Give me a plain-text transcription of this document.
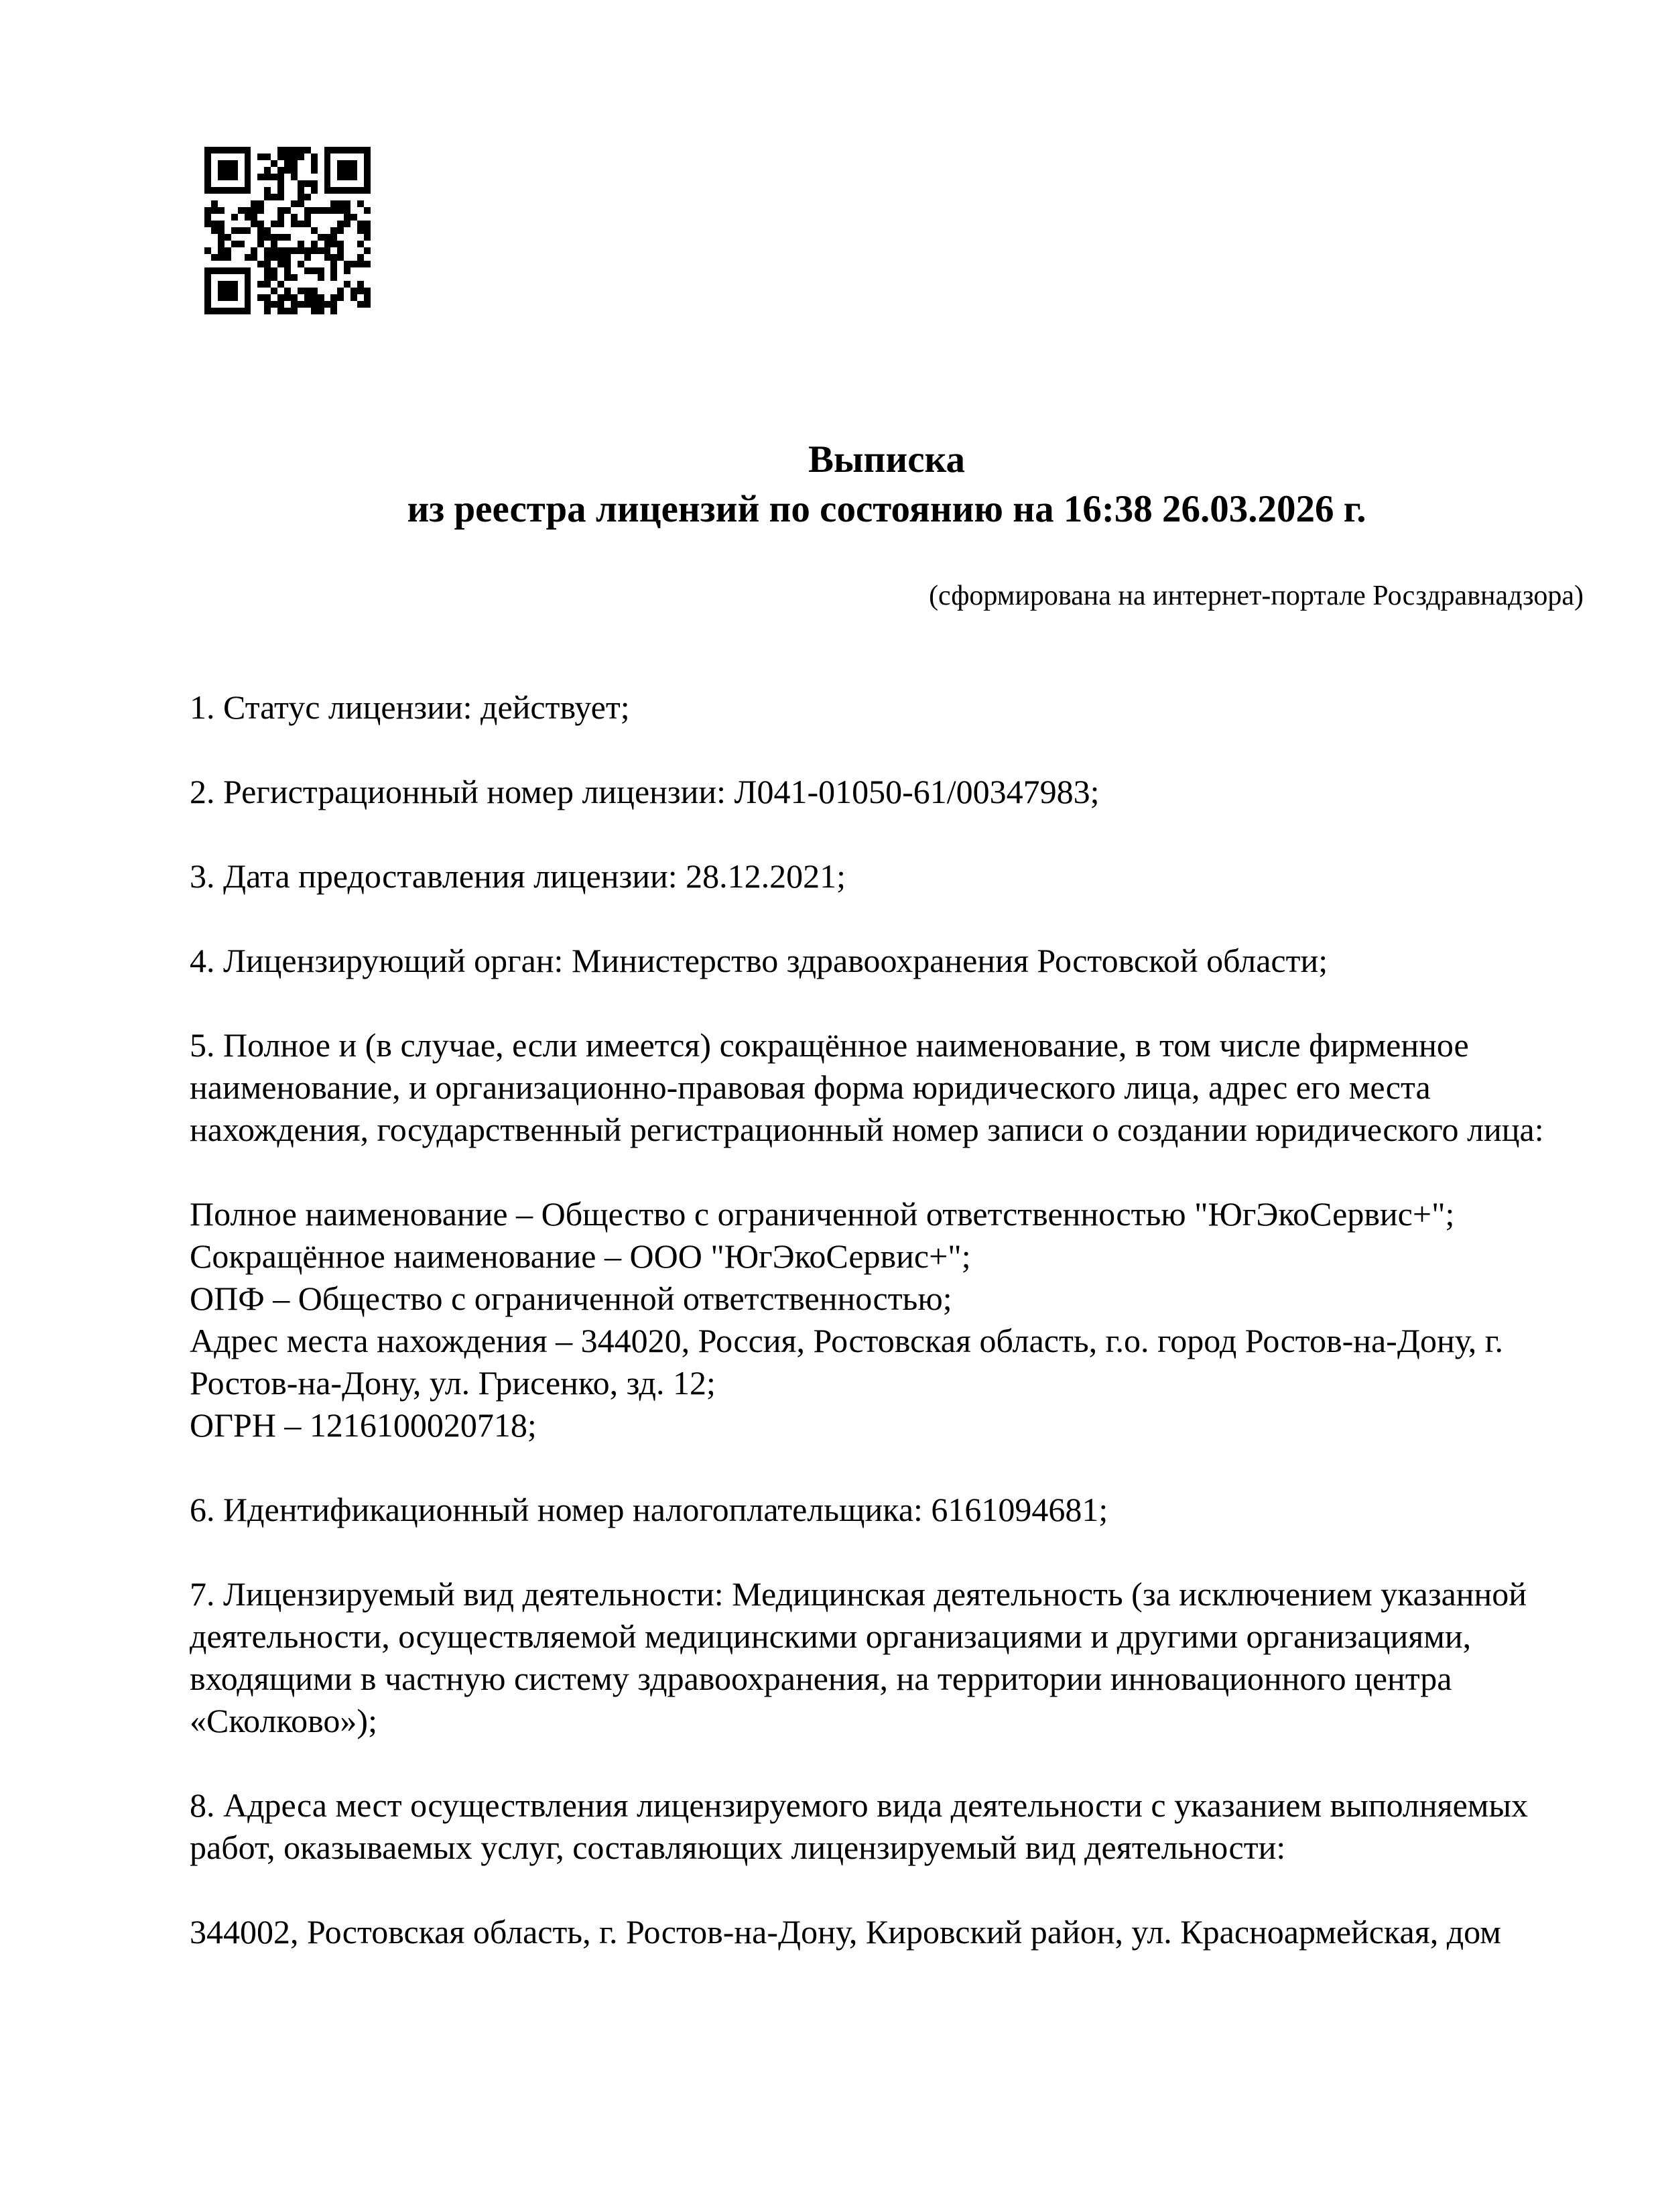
Выписка
из реестра лицензий по состоянию на 16:38 26.03.2026 г.
(сформирована на интернет-портале Росздравнадзора)
1. Статус лицензии: действует;
2. Регистрационный номер лицензии: Л041-01050-61/00347983;
3. Дата предоставления лицензии: 28.12.2021;
4. Лицензирующий орган: Министерство здравоохранения Ростовской области;
5. Полное и (в случае, если имеется) сокращённое наименование, в том числе фирменное
наименование, и организационно-правовая форма юридического лица, адрес его места
нахождения, государственный регистрационный номер записи о создании юридического лица:
Полное наименование – Общество с ограниченной ответственностью "ЮгЭкоСервис+";
Сокращённое наименование – ООО "ЮгЭкоСервис+";
ОПФ – Общество с ограниченной ответственностью;
Адрес места нахождения – 344020, Россия, Ростовская область, г.о. город Ростов-на-Дону, г.
Ростов-на-Дону, ул. Грисенко, зд. 12;
ОГРН – 1216100020718;
6. Идентификационный номер налогоплательщика: 6161094681;
7. Лицензируемый вид деятельности: Медицинская деятельность (за исключением указанной
деятельности, осуществляемой медицинскими организациями и другими организациями,
входящими в частную систему здравоохранения, на территории инновационного центра
«Сколково»);
8. Адреса мест осуществления лицензируемого вида деятельности с указанием выполняемых
работ, оказываемых услуг, составляющих лицензируемый вид деятельности:
344002, Ростовская область, г. Ростов-на-Дону, Кировский район, ул. Красноармейская, дом
